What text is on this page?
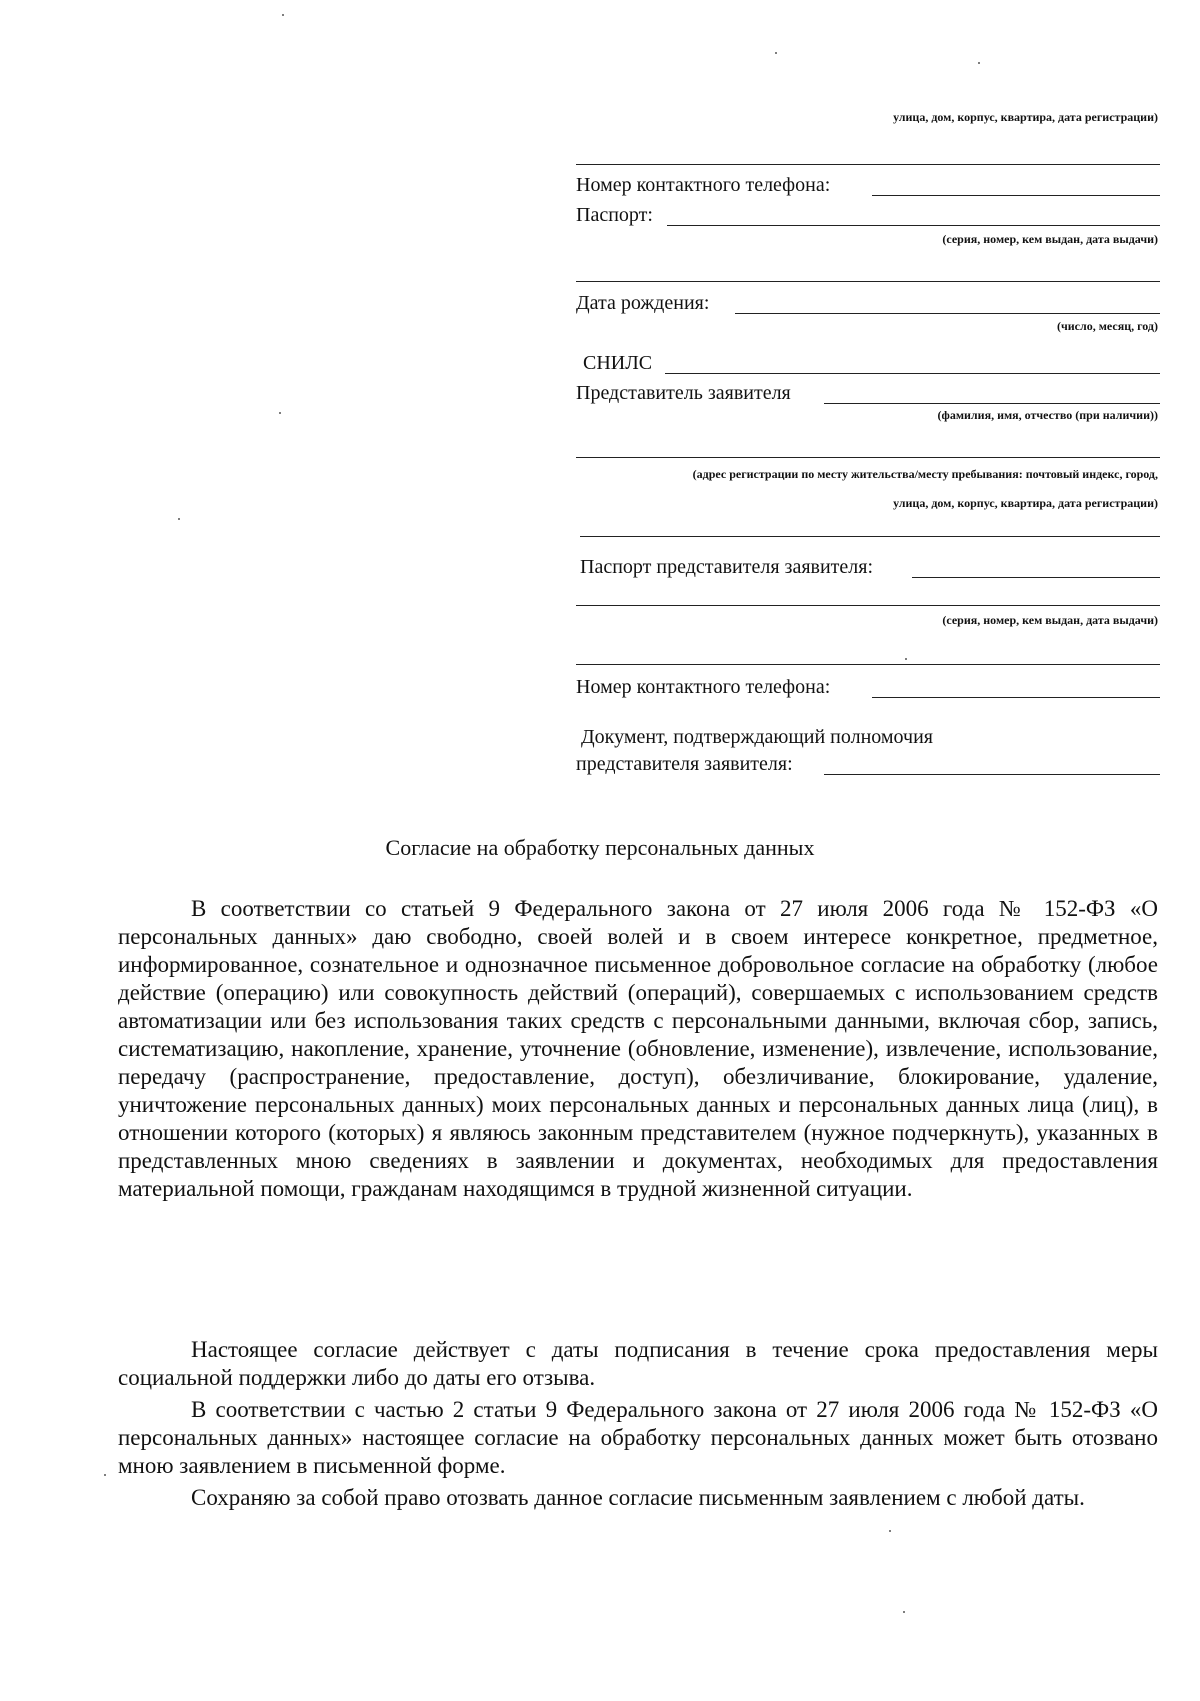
улица, дом, корпус, квартира, дата регистрации)
Номер контактного телефона:
Паспорт:
(серия, номер, кем выдан, дата выдачи)
Дата рождения:
(число, месяц, год)
СНИЛС
Представитель заявителя
(фамилия, имя, отчество (при наличии))
(адрес регистрации по месту жительства/месту пребывания: почтовый индекс, город,
улица, дом, корпус, квартира, дата регистрации)
Паспорт представителя заявителя:
(серия, номер, кем выдан, дата выдачи)
Номер контактного телефона:
Документ, подтверждающий полномочия
представителя заявителя:
Согласие на обработку персональных данных
В соответствии со статьей 9 Федерального закона от 27 июля 2006 года № 152-ФЗ «О персональных данных» даю свободно, своей волей и в своем интересе конкретное, предметное, информированное, сознательное и однозначное письменное добровольное согласие на обработку (любое действие (операцию) или совокупность действий (операций), совершаемых с использованием средств автоматизации или без использования таких средств с персональными данными, включая сбор, запись, систематизацию, накопление, хранение, уточнение (обновление, изменение), извлечение, использование, передачу (распространение, предоставление, доступ), обезличивание, блокирование, удаление, уничтожение персональных данных) моих персональных данных и персональных данных лица (лиц), в отношении которого (которых) я являюсь законным представителем (нужное подчеркнуть), указанных в представленных мною сведениях в заявлении и документах, необходимых для предоставления материальной помощи, гражданам находящимся в трудной жизненной ситуации.
Настоящее согласие действует с даты подписания в течение срока предоставления меры социальной поддержки либо до даты его отзыва.
В соответствии с частью 2 статьи 9 Федерального закона от 27 июля 2006 года № 152-ФЗ «О персональных данных» настоящее согласие на обработку персональных данных может быть отозвано мною заявлением в письменной форме.
Сохраняю за собой право отозвать данное согласие письменным заявлением с любой даты.
